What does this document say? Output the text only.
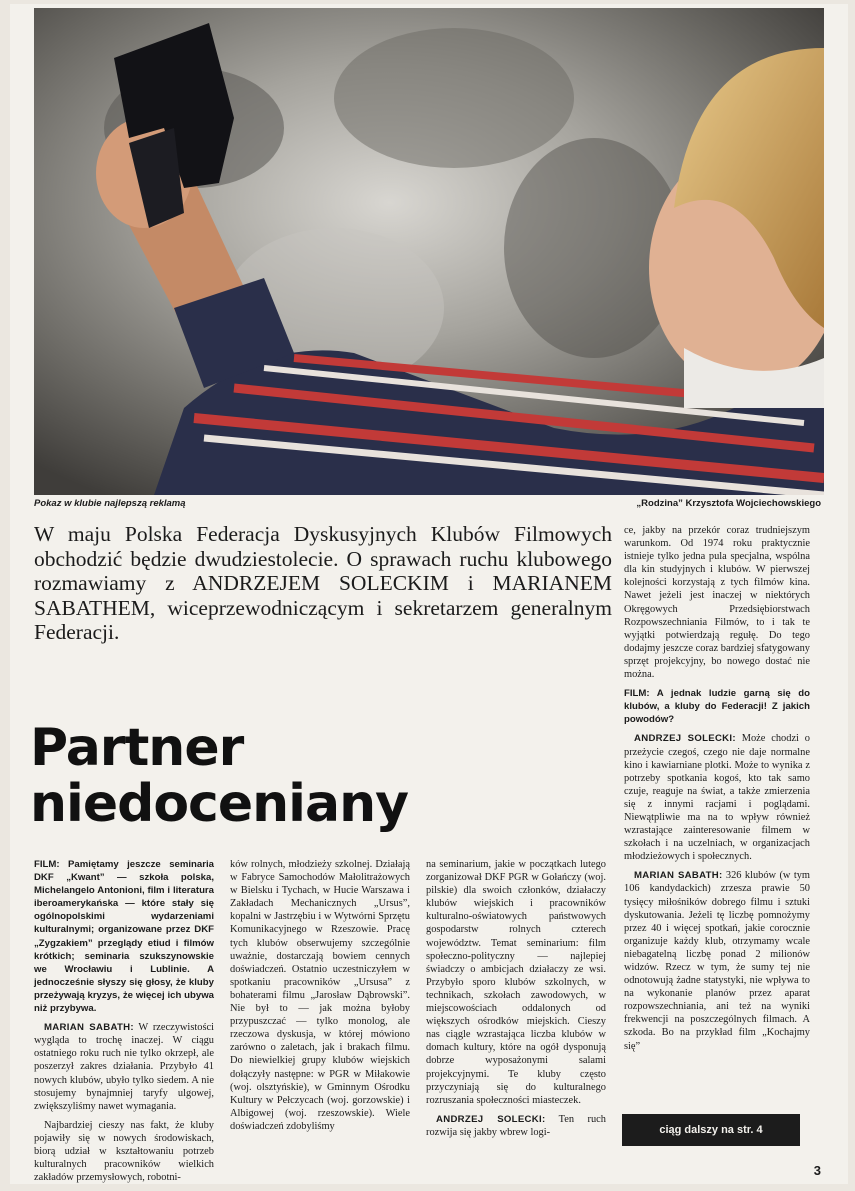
Pokaz w klubie najlepszą reklamą	„Rodzina” Krzysztofa Wojciechowskiego
W maju Polska Federacja Dyskusyjnych Klubów Filmowych obchodzić będzie dwudziestolecie. O sprawach ruchu klubowego rozmawiamy z ANDRZEJEM SOLECKIM i MARIANEM SABATHEM, wiceprzewodniczącym i sekretarzem generalnym Federacji.
Partner
niedoceniany

FILM: Pamiętamy jeszcze seminaria DKF „Kwant” — szkoła polska, Michelangelo Antonioni, film i literatura iberoamerykańska — które stały się ogólnopolskimi wydarzeniami kulturalnymi; organizowane przez DKF „Zygzakiem” przeglądy etiud i filmów krótkich; seminaria szukszynowskie we Wrocławiu i Lublinie. A jednocześnie słyszy się głosy, że kluby przeżywają kryzys, że więcej ich ubywa niż przybywa.

MARIAN SABATH: W rzeczywistości wygląda to trochę inaczej. W ciągu ostatniego roku ruch nie tylko okrzepł, ale poszerzył zakres działania. Przybyło 41 nowych klubów, ubyło tylko siedem. A nie stosujemy bynajmniej taryfy ulgowej, zwiększyliśmy nawet wymagania.

Najbardziej cieszy nas fakt, że kluby pojawiły się w nowych środowiskach, biorą udział w kształtowaniu potrzeb kulturalnych pracowników wielkich zakładów przemysłowych, robotni-

ków rolnych, młodzieży szkolnej. Działają w Fabryce Samochodów Małolitrażowych w Bielsku i Tychach, w Hucie Warszawa i Zakładach Mechanicznych „Ursus”, kopalni w Jastrzębiu i w Wytwórni Sprzętu Komunikacyjnego w Rzeszowie. Pracę tych klubów obserwujemy szczególnie uważnie, dostarczają bowiem cennych doświadczeń. Ostatnio uczestniczyłem w spotkaniu pracowników „Ursusa” z bohaterami filmu „Jarosław Dąbrowski”. Nie był to — jak można byłoby przypuszczać — tylko monolog, ale rzeczowa dyskusja, w której mówiono zarówno o zaletach, jak i brakach filmu. Do niewielkiej grupy klubów wiejskich dołączyły następne: w PGR w Miłakowie (woj. olsztyńskie), w Gminnym Ośrodku Kultury w Pełczycach (woj. gorzowskie) i Albigowej (woj. rzeszowskie). Wiele doświadczeń zdobyliśmy

na seminarium, jakie w początkach lutego zorganizował DKF PGR w Gołańczy (woj. pilskie) dla swoich członków, działaczy klubów wiejskich i pracowników kulturalno-oświatowych państwowych gospodarstw rolnych czterech województw. Temat seminarium: film społeczno-polityczny — najlepiej świadczy o ambicjach działaczy ze wsi. Przybyło sporo klubów szkolnych, w technikach, szkołach zawodowych, w miejscowościach oddalonych od większych ośrodków miejskich. Cieszy nas ciągle wzrastająca liczba klubów w domach kultury, które na ogół dysponują dobrze wyposażonymi salami projekcyjnymi. Te kluby często przyczyniają się do kulturalnego rozruszania społeczności miasteczek.

ANDRZEJ SOLECKI: Ten ruch rozwija się jakby wbrew logi-

ce, jakby na przekór coraz trudniejszym warunkom. Od 1974 roku praktycznie istnieje tylko jedna pula specjalna, wspólna dla kin studyjnych i klubów. W pierwszej kolejności korzystają z tych filmów kina. Nawet jeżeli jest inaczej w niektórych Okręgowych Przedsiębiorstwach Rozpowszechniania Filmów, to i tak te wyjątki potwierdzają regułę. Do tego dodajmy jeszcze coraz bardziej sfatygowany sprzęt projekcyjny, bo nowego dostać nie można.

FILM: A jednak ludzie garną się do klubów, a kluby do Federacji! Z jakich powodów?

ANDRZEJ SOLECKI: Może chodzi o przeżycie czegoś, czego nie daje normalne kino i kawiarniane plotki. Może to wynika z potrzeby spotkania kogoś, kto tak samo czuje, reaguje na świat, a także zmierzenia się z innymi racjami i poglądami. Niewątpliwie ma na to wpływ również wzrastające zainteresowanie filmem w szkołach i na uczelniach, w organizacjach młodzieżowych i społecznych.

MARIAN SABATH: 326 klubów (w tym 106 kandydackich) zrzesza prawie 50 tysięcy miłośników dobrego filmu i sztuki dyskutowania. Jeżeli tę liczbę pomnożymy przez 40 i więcej spotkań, jakie corocznie organizuje każdy klub, otrzymamy wcale niebagatelną liczbę ponad 2 milionów widzów. Rzecz w tym, że sumy tej nie odnotowują żadne statystyki, nie wpływa to na wykonanie planów przez aparat rozpowszechniania, ani też na wyniki frekwencji na poszczególnych filmach. A szkoda. Bo na przykład film „Kochajmy się”

ciąg dalszy na str. 4
3
